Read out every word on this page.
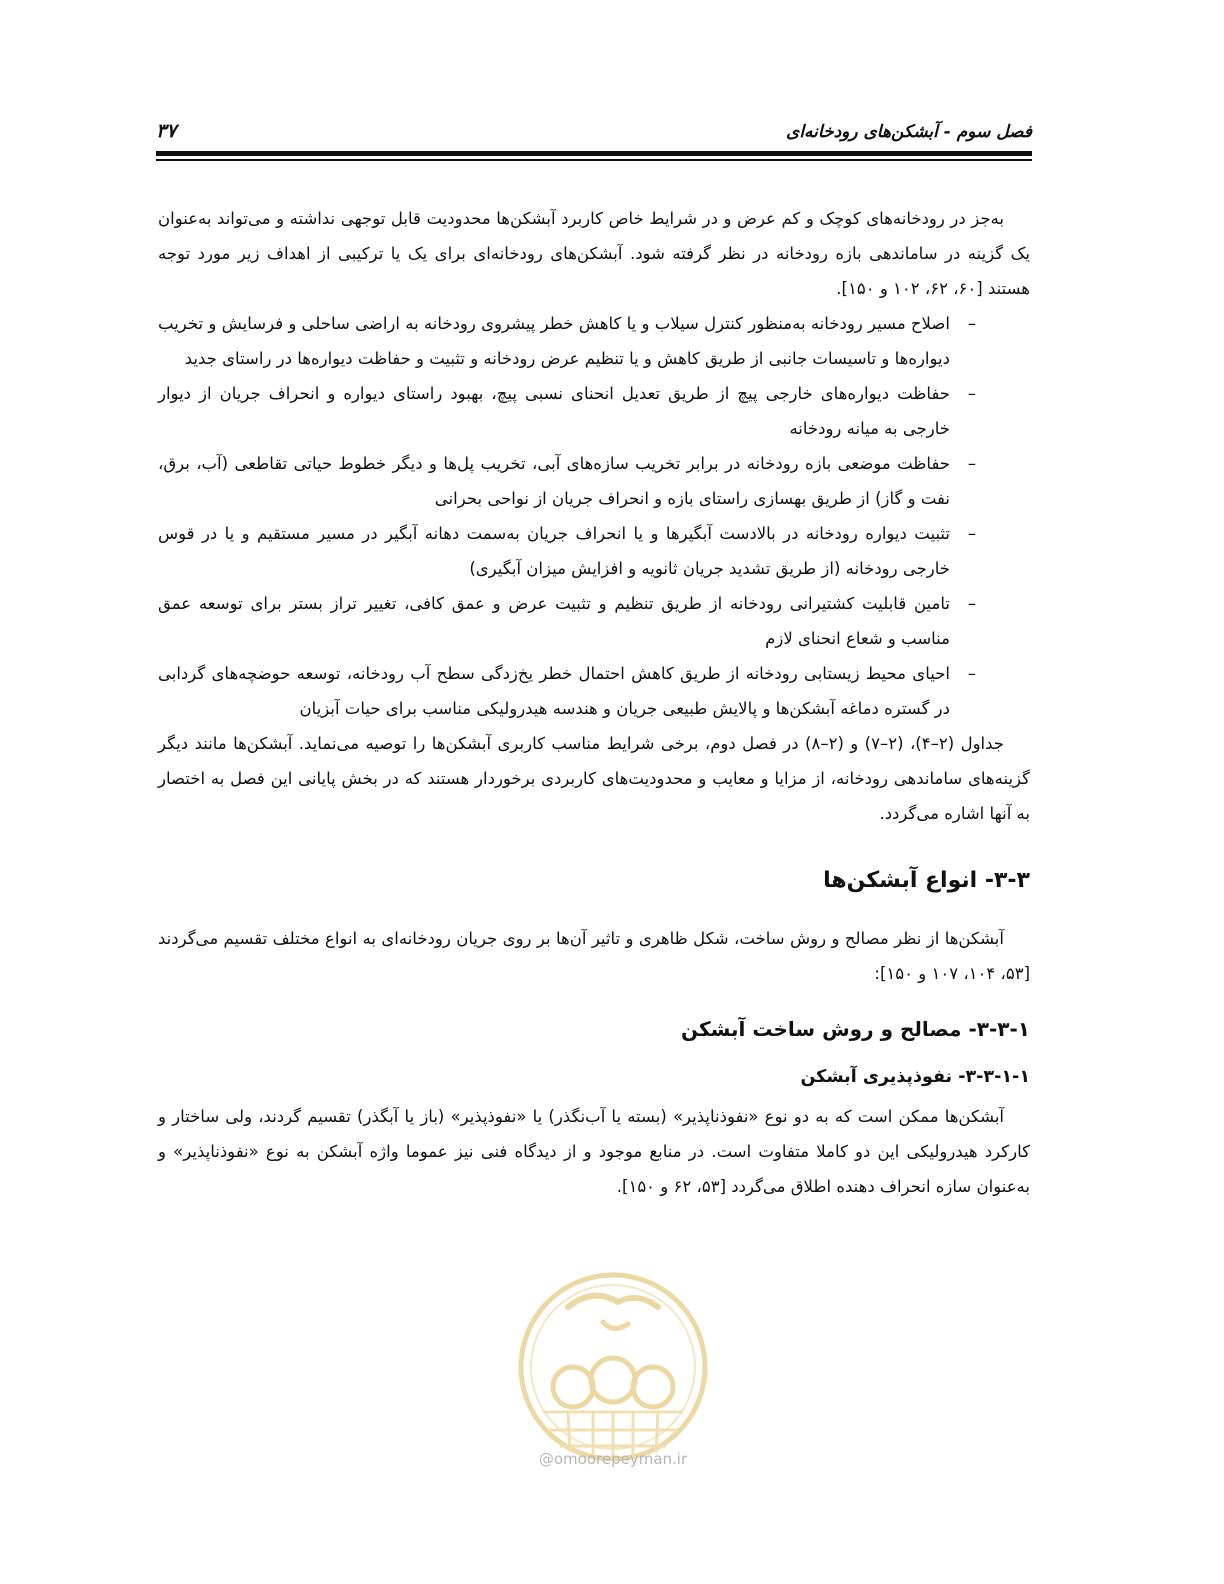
فصل سوم - آبشکن‌های رودخانه‌ای
۳۷

به‌جز در رودخانه‌های کوچک و کم عرض و در شرایط خاص کاربرد آبشکن‌ها محدودیت قابل توجهی نداشته و می‌تواند به‌عنوان یک گزینه در ساماندهی بازه رودخانه در نظر گرفته شود. آبشکن‌های رودخانه‌ای برای یک یا ترکیبی از اهداف زیر مورد توجه هستند [۶۰، ۶۲، ۱۰۲ و ۱۵۰].

–
اصلاح مسیر رودخانه به‌منظور کنترل سیلاب و یا کاهش خطر پیشروی رودخانه به اراضی ساحلی و فرسایش و تخریب دیواره‌ها و تاسیسات جانبی از طریق کاهش و یا تنظیم عرض رودخانه و تثبیت و حفاظت دیواره‌ها در راستای جدید
–
حفاظت دیواره‌های خارجی پیچ از طریق تعدیل انحنای نسبی پیچ، بهبود راستای دیواره و انحراف جریان از دیوار خارجی به میانه رودخانه
–
حفاظت موضعی بازه رودخانه در برابر تخریب سازه‌های آبی، تخریب پل‌ها و دیگر خطوط حیاتی تقاطعی (آب، برق، نفت و گاز) از طریق بهسازی راستای بازه و انحراف جریان از نواحی بحرانی
–
تثبیت دیواره رودخانه در بالادست آبگیرها و یا انحراف جریان به‌سمت دهانه آبگیر در مسیر مستقیم و یا در قوس خارجی رودخانه (از طریق تشدید جریان ثانویه و افزایش میزان آبگیری)
–
تامین قابلیت کشتیرانی رودخانه از طریق تنظیم و تثبیت عرض و عمق کافی، تغییر تراز بستر برای توسعه عمق مناسب و شعاع انحنای لازم
–
احیای محیط زیستابی رودخانه از طریق کاهش احتمال خطر یخ‌زدگی سطح آب رودخانه، توسعه حوضچه‌های گردابی در گستره دماغه آبشکن‌ها و پالایش طبیعی جریان و هندسه هیدرولیکی مناسب برای حیات آبزیان

جداول (۲–۴)، (۲–۷) و (۲–۸) در فصل دوم، برخی شرایط مناسب کاربری آبشکن‌ها را توصیه می‌نماید. آبشکن‌ها مانند دیگر گزینه‌های ساماندهی رودخانه، از مزایا و معایب و محدودیت‌های کاربردی برخوردار هستند که در بخش پایانی این فصل به اختصار به آنها اشاره می‌گردد.

۳-۳- انواع آبشکن‌ها

آبشکن‌ها از نظر مصالح و روش ساخت، شکل ظاهری و تاثیر آن‌ها بر روی جریان رودخانه‌ای به انواع مختلف تقسیم می‌گردند [۵۳، ۱۰۴، ۱۰۷ و ۱۵۰]:

۳-۳-۱- مصالح و روش ساخت آبشکن
۳-۳-۱-۱- نفوذپذیری آبشکن

آبشکن‌ها ممکن است که به دو نوع «نفوذناپذیر» (بسته یا آب‌نگذر) یا «نفوذپذیر» (باز یا آبگذر) تقسیم گردند، ولی ساختار و کارکرد هیدرولیکی این دو کاملا متفاوت است. در منابع موجود و از دیدگاه فنی نیز عموما واژه آبشکن به نوع «نفوذناپذیر» و به‌عنوان سازه انحراف دهنده اطلاق می‌گردد [۵۳، ۶۲ و ۱۵۰].

@omoorepeyman.ir
